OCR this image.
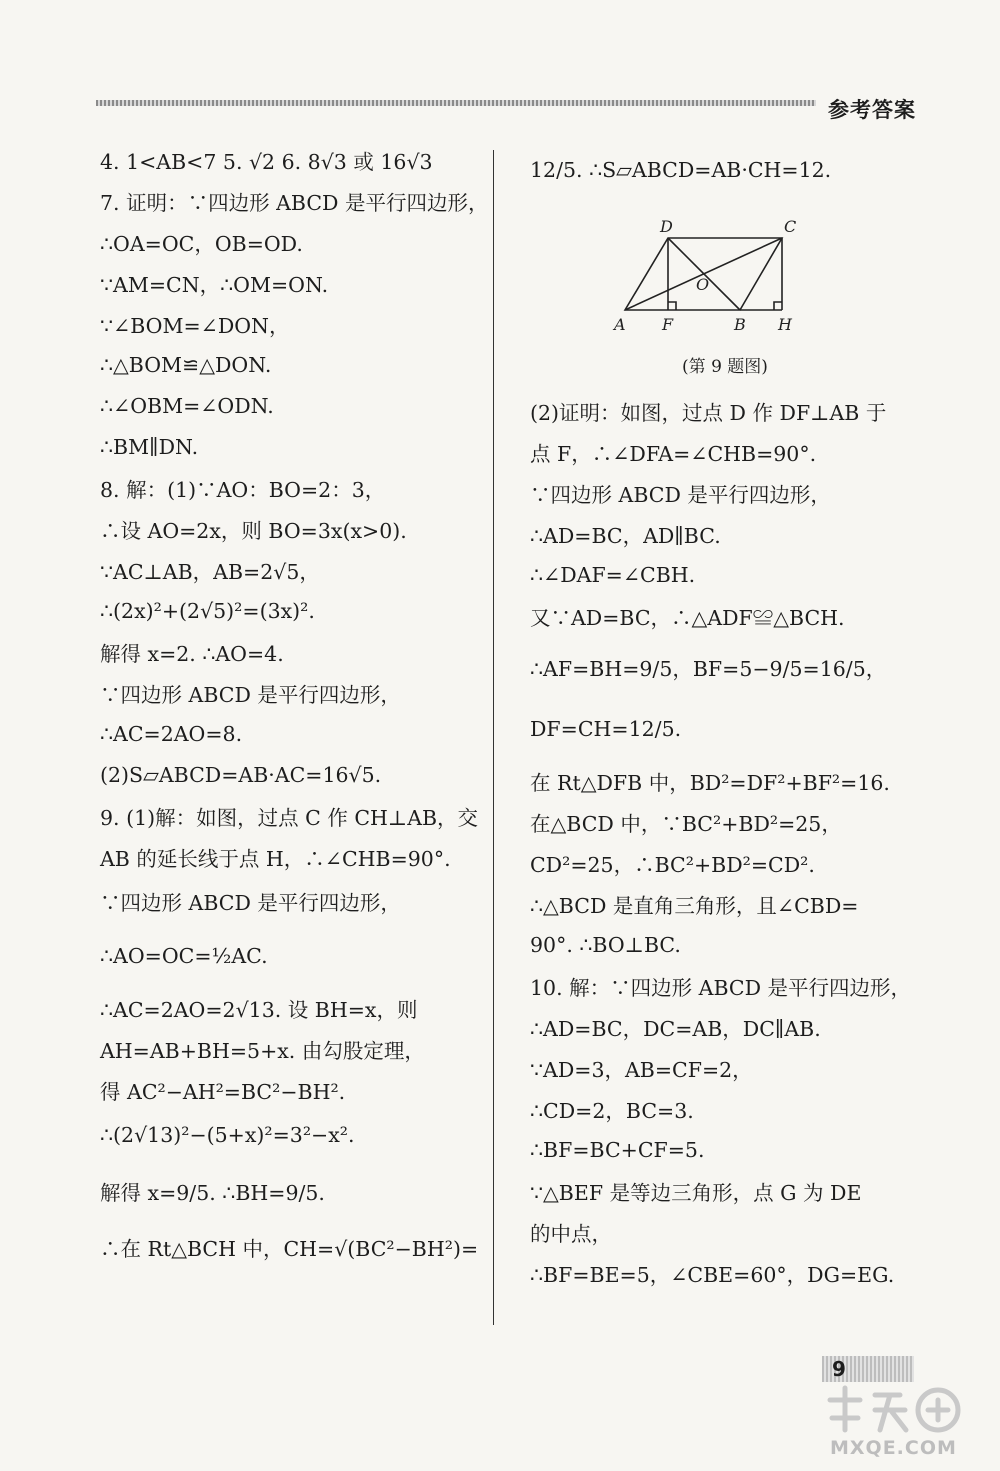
参考答案
4. 1<AB<7 5. √2 6. 8√3 或 16√3
7. 证明：∵四边形 ABCD 是平行四边形，
∴OA=OC，OB=OD.
∵AM=CN，∴OM=ON.
∵∠BOM=∠DON，
∴△BOM≌△DON.
∴∠OBM=∠ODN.
∴BM∥DN.
8. 解：(1)∵AO：BO=2：3，
∴设 AO=2x，则 BO=3x(x>0).
∵AC⊥AB，AB=2√5，
∴(2x)²+(2√5)²=(3x)².
解得 x=2. ∴AO=4.
∵四边形 ABCD 是平行四边形，
∴AC=2AO=8.
(2)S▱ABCD=AB·AC=16√5.
9. (1)解：如图，过点 C 作 CH⊥AB，交
AB 的延长线于点 H，∴∠CHB=90°.
∵四边形 ABCD 是平行四边形，
∴AO=OC=½AC.
∴AC=2AO=2√13. 设 BH=x，则
AH=AB+BH=5+x. 由勾股定理，
得 AC²−AH²=BC²−BH².
∴(2√13)²−(5+x)²=3²−x².
解得 x=9/5. ∴BH=9/5.
∴在 Rt△BCH 中，CH=√(BC²−BH²)=
12/5. ∴S▱ABCD=AB·CH=12.
D	C
O
A F	B H
(第 9 题图)
(2)证明：如图，过点 D 作 DF⊥AB 于
点 F，∴∠DFA=∠CHB=90°.
∵四边形 ABCD 是平行四边形，
∴AD=BC，AD∥BC.
∴∠DAF=∠CBH.
又∵AD=BC，∴△ADF≌△BCH.
∴AF=BH=9/5，BF=5−9/5=16/5，
DF=CH=12/5.
在 Rt△DFB 中，BD²=DF²+BF²=16.
在△BCD 中，∵BC²+BD²=25，
CD²=25，∴BC²+BD²=CD².
∴△BCD 是直角三角形，且∠CBD=
90°. ∴BO⊥BC.
10. 解：∵四边形 ABCD 是平行四边形，
∴AD=BC，DC=AB，DC∥AB.
∵AD=3，AB=CF=2，
∴CD=2，BC=3.
∴BF=BC+CF=5.
∵△BEF 是等边三角形，点 G 为 DE
的中点，
∴BF=BE=5，∠CBE=60°，DG=EG.
9
MXQE.COM
